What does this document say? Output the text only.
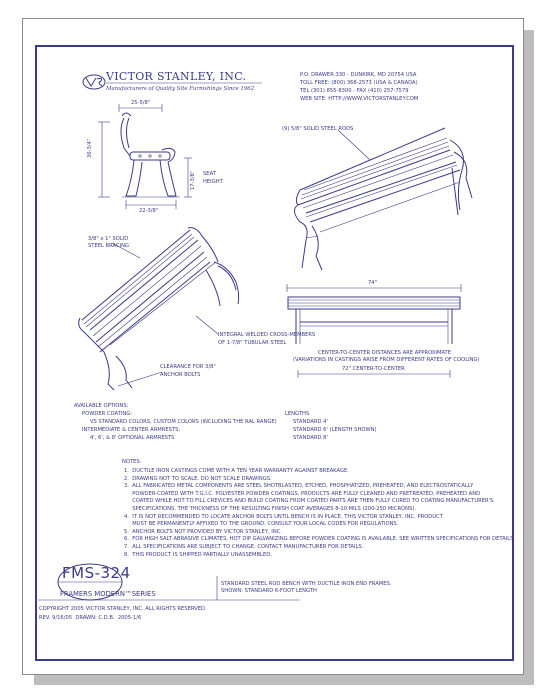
VICTOR STANLEY, INC.
Manufacturers of Quality Site Furnishings Since 1962
P.O. DRAWER 330 - DUNKIRK, MD 20754 USA
TOLL FREE: (800) 368-2573 (USA & CANADA)
TEL (301) 855-8300 - FAX (410) 257-7579
WEB SITE: HTTP://WWW.VICTORSTANLEY.COM
25-5/8"
36-3/4"
17-3/8" SEAT
HEIGHT
22-3/8"
(9) 5/8" SOLID STEEL RODS
3/8" x 1" SOLID
STEEL BRACING
INTEGRAL WELDED CROSS-MEMBERS
OF 1-7/8" TUBULAR STEEL
CLEARANCE FOR 3/8"
ANCHOR BOLTS
74"
CENTER-TO-CENTER DISTANCES ARE APPROXIMATE
(VARIATIONS IN CASTINGS ARISE FROM DIFFERENT RATES OF COOLING)
72" CENTER-TO-CENTER
AVAILABLE OPTIONS:
POWDER COATING:
VS STANDARD COLORS, CUSTOM COLORS (INCLUDING THE RAL RANGE)
INTERMEDIATE & CENTER ARMRESTS:
4', 6', & 8' OPTIONAL ARMRESTS
LENGTHS
STANDARD 4'
STANDARD 6' (LENGTH SHOWN)
STANDARD 8'
NOTES:
1.  DUCTILE IRON CASTINGS COME WITH A TEN YEAR WARRANTY AGAINST BREAKAGE.
2.  DRAWING NOT TO SCALE. DO NOT SCALE DRAWINGS.
3.  ALL FABRICATED METAL COMPONENTS ARE STEEL SHOTBLASTED, ETCHED, PHOSPHATIZED, PREHEATED, AND ELECTROSTATICALLY
POWDER-COATED WITH T.G.I.C. POLYESTER POWDER COATINGS. PRODUCTS ARE FULLY CLEANED AND PRETREATED, PREHEATED AND
COATED WHILE HOT TO FILL CREVICES AND BUILD COATING FROM COATED PARTS ARE THEN FULLY CURED TO COATING MANUFACTURER'S
SPECIFICATIONS. THE THICKNESS OF THE RESULTING FINISH COAT AVERAGES 8-10 MILS (200-250 MICRONS).
4.  IT IS NOT RECOMMENDED TO LOCATE ANCHOR BOLTS UNTIL BENCH IS IN PLACE. THIS VICTOR STANLEY, INC. PRODUCT
MUST BE PERMANENTLY AFFIXED TO THE GROUND. CONSULT YOUR LOCAL CODES FOR REGULATIONS.
5.  ANCHOR BOLTS NOT PROVIDED BY VICTOR STANLEY, INC.
6.  FOR HIGH SALT ABRASIVE CLIMATES, HOT DIP GALVANIZING BEFORE POWDER COATING IS AVAILABLE. SEE WRITTEN SPECIFICATIONS FOR DETAILS.
7.  ALL SPECIFICATIONS ARE SUBJECT TO CHANGE. CONTACT MANUFACTURER FOR DETAILS.
8.  THIS PRODUCT IS SHIPPED PARTIALLY UNASSEMBLED.
FMS-324
FRAMERS MODERN™SERIES
STANDARD STEEL ROD BENCH WITH DUCTILE IRON END FRAMES.
SHOWN: STANDARD 6-FOOT LENGTH
COPYRIGHT 2005 VICTOR STANLEY, INC. ALL RIGHTS RESERVED.
REV. 9/16/05  DRAWN: C.D.B.  2005-1/6
